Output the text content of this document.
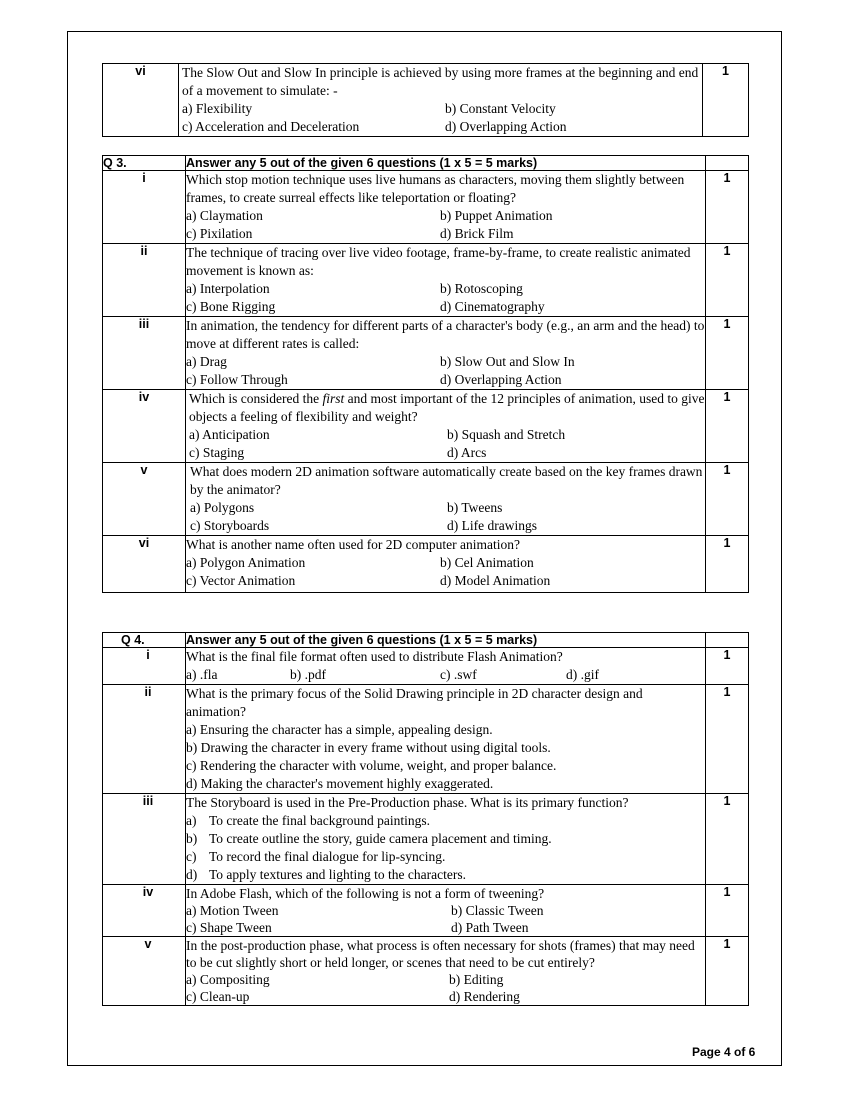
vi	The Slow Out and Slow In principle is achieved by using more frames at the beginning and end of a movement to simulate: -
a) Flexibility	b) Constant Velocity
c) Acceleration and Deceleration	d) Overlapping Action
	1
Q 3.	Answer any 5 out of the given 6 questions (1 x 5 = 5 marks)	
i	Which stop motion technique uses live humans as characters, moving them slightly between frames, to create surreal effects like teleportation or floating?
a) Claymation b) Puppet Animation
c) Pixilation d) Brick Film	1
ii	The technique of tracing over live video footage, frame-by-frame, to create realistic animated movement is known as:
a) Interpolation b) Rotoscoping
c) Bone Rigging d) Cinematography	1
iii	In animation, the tendency for different parts of a character's body (e.g., an arm and the head) to move at different rates is called:
a) Drag b) Slow Out and Slow In
c) Follow Through d) Overlapping Action	1
iv	Which is considered the first and most important of the 12 principles of animation, used to give objects a feeling of flexibility and weight?
a) Anticipation b) Squash and Stretch
c) Staging d) Arcs	1
v	What does modern 2D animation software automatically create based on the key frames drawn by the animator?
a) Polygons b) Tweens
c) Storyboards d) Life drawings	1
vi	What is another name often used for 2D computer animation?
a) Polygon Animation b) Cel Animation
c) Vector Animation d) Model Animation	1
Q 4.	Answer any 5 out of the given 6 questions (1 x 5 = 5 marks)	
i	What is the final file format often used to distribute Flash Animation?
a) .fla b) .pdf c) .swf d) .gif	1
ii	What is the primary focus of the Solid Drawing principle in 2D character design and animation?
a) Ensuring the character has a simple, appealing design.
b) Drawing the character in every frame without using digital tools.
c) Rendering the character with volume, weight, and proper balance.
d) Making the character's movement highly exaggerated.	1
iii	The Storyboard is used in the Pre-Production phase. What is its primary function?
a) To create the final background paintings.
b) To create outline the story, guide camera placement and timing.
c) To record the final dialogue for lip-syncing.
d) To apply textures and lighting to the characters.	1
iv	In Adobe Flash, which of the following is not a form of tweening?
a) Motion Tween b) Classic Tween
c) Shape Tween d) Path Tween	1
v	In the post-production phase, what process is often necessary for shots (frames) that may need to be cut slightly short or held longer, or scenes that need to be cut entirely?
a) Compositing b) Editing
c) Clean-up d) Rendering	1
Page 4 of 6
